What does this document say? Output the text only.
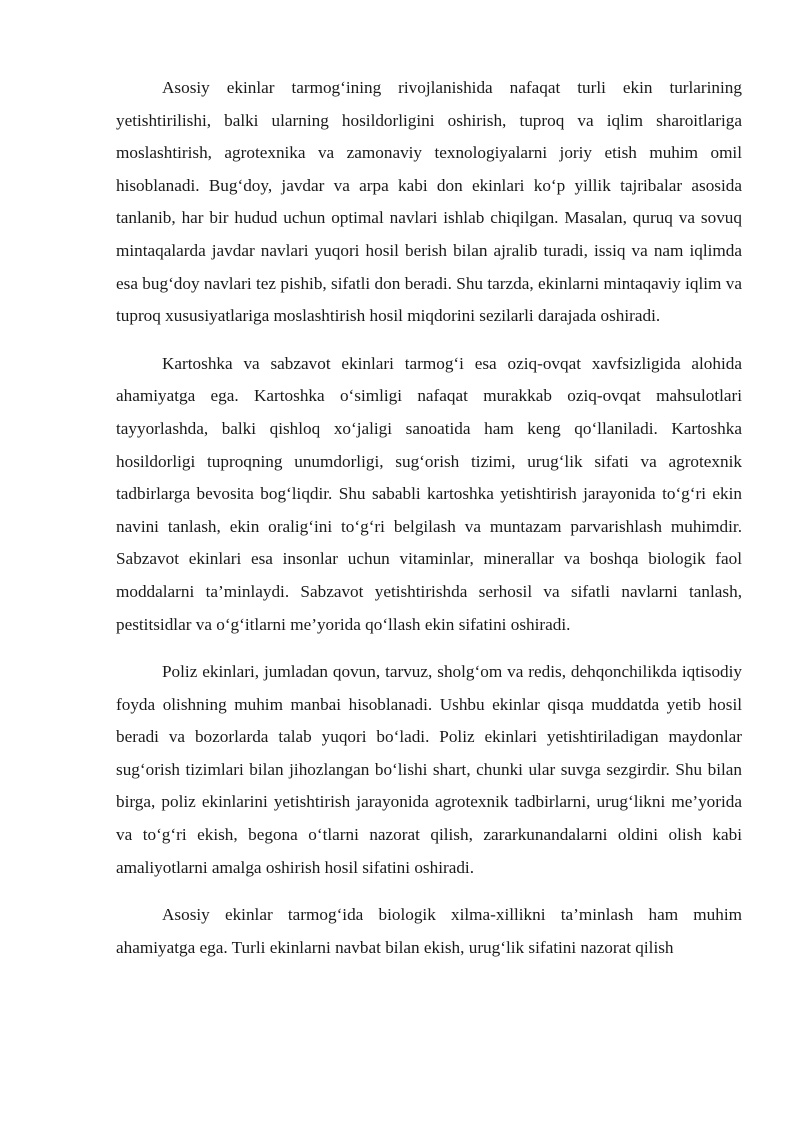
Asosiy ekinlar tarmog‘ining rivojlanishida nafaqat turli ekin turlarining yetishtirilishi, balki ularning hosildorligini oshirish, tuproq va iqlim sharoitlariga moslashtirish, agrotexnika va zamonaviy texnologiyalarni joriy etish muhim omil hisoblanadi. Bug‘doy, javdar va arpa kabi don ekinlari ko‘p yillik tajribalar asosida tanlanib, har bir hudud uchun optimal navlari ishlab chiqilgan. Masalan, quruq va sovuq mintaqalarda javdar navlari yuqori hosil berish bilan ajralib turadi, issiq va nam iqlimda esa bug‘doy navlari tez pishib, sifatli don beradi. Shu tarzda, ekinlarni mintaqaviy iqlim va tuproq xususiyatlariga moslashtirish hosil miqdorini sezilarli darajada oshiradi.

Kartoshka va sabzavot ekinlari tarmog‘i esa oziq-ovqat xavfsizligida alohida ahamiyatga ega. Kartoshka o‘simligi nafaqat murakkab oziq-ovqat mahsulotlari tayyorlashda, balki qishloq xo‘jaligi sanoatida ham keng qo‘llaniladi. Kartoshka hosildorligi tuproqning unumdorligi, sug‘orish tizimi, urug‘lik sifati va agrotexnik tadbirlarga bevosita bog‘liqdir. Shu sababli kartoshka yetishtirish jarayonida to‘g‘ri ekin navini tanlash, ekin oralig‘ini to‘g‘ri belgilash va muntazam parvarishlash muhimdir. Sabzavot ekinlari esa insonlar uchun vitaminlar, minerallar va boshqa biologik faol moddalarni ta’minlaydi. Sabzavot yetishtirishda serhosil va sifatli navlarni tanlash, pestitsidlar va o‘g‘itlarni me’yorida qo‘llash ekin sifatini oshiradi.

Poliz ekinlari, jumladan qovun, tarvuz, sholg‘om va redis, dehqonchilikda iqtisodiy foyda olishning muhim manbai hisoblanadi. Ushbu ekinlar qisqa muddatda yetib hosil beradi va bozorlarda talab yuqori bo‘ladi. Poliz ekinlari yetishtiriladigan maydonlar sug‘orish tizimlari bilan jihozlangan bo‘lishi shart, chunki ular suvga sezgirdir. Shu bilan birga, poliz ekinlarini yetishtirish jarayonida agrotexnik tadbirlarni, urug‘likni me’yorida va to‘g‘ri ekish, begona o‘tlarni nazorat qilish, zararkunandalarni oldini olish kabi amaliyotlarni amalga oshirish hosil sifatini oshiradi.

Asosiy ekinlar tarmog‘ida biologik xilma-xillikni ta’minlash ham muhim ahamiyatga ega. Turli ekinlarni navbat bilan ekish, urug‘lik sifatini nazorat qilish
